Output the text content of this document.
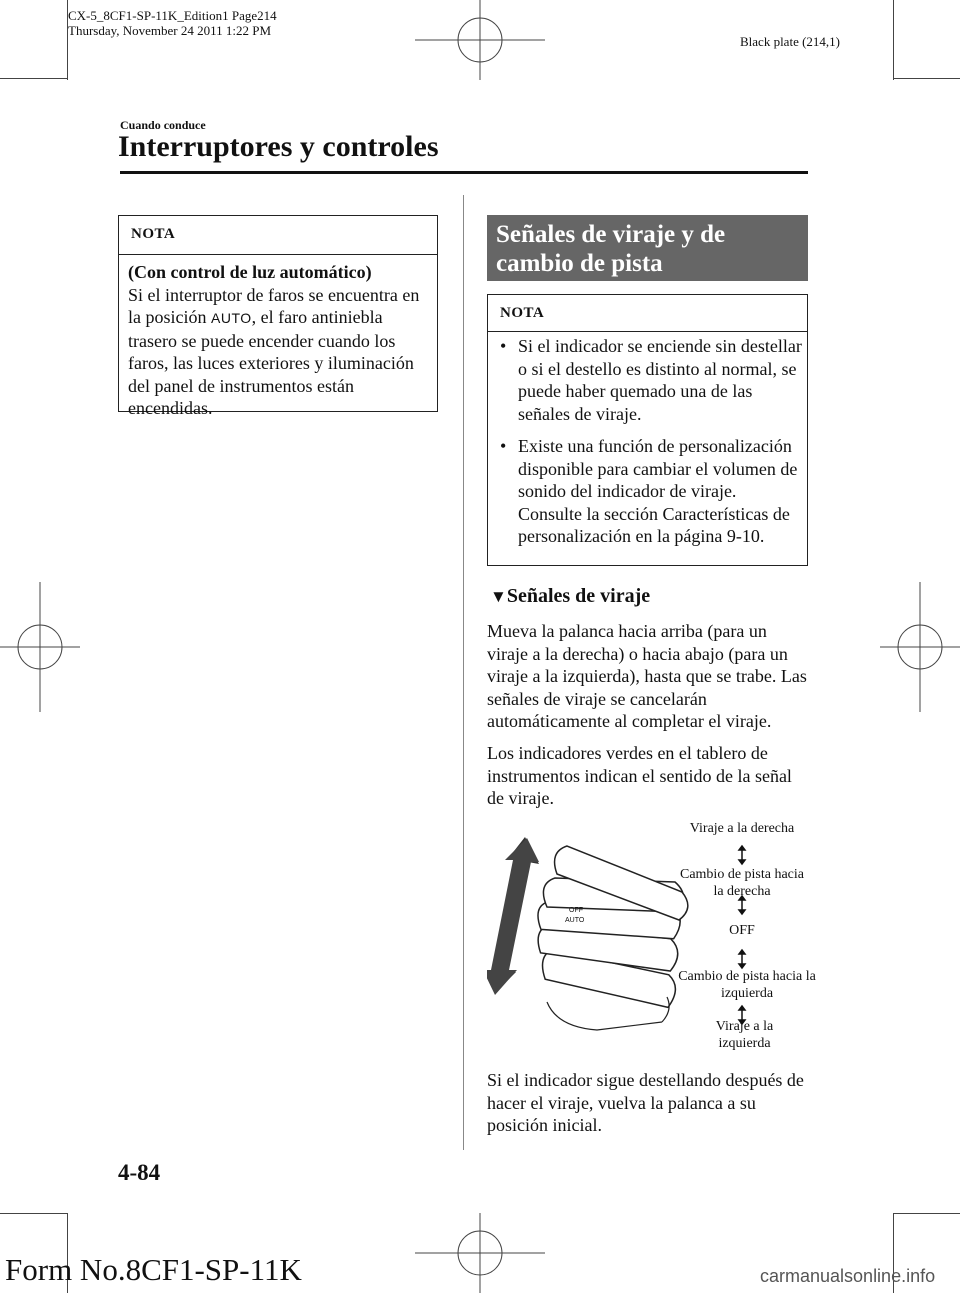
CX-5_8CF1-SP-11K_Edition1 Page214
Thursday, November 24 2011 1:22 PM
Black plate (214,1)
Cuando conduce
Interruptores y controles
NOTA
(Con control de luz automático)
Si el interruptor de faros se encuentra en la posición AUTO, el faro antiniebla trasero se puede encender cuando los faros, las luces exteriores y iluminación del panel de instrumentos están encendidas.
Señales de viraje y de cambio de pista
NOTA
• Si el indicador se enciende sin destellar o si el destello es distinto al normal, se puede haber quemado una de las señales de viraje.
• Existe una función de personalización disponible para cambiar el volumen de sonido del indicador de viraje.
Consulte la sección Características de personalización en la página 9-10.
▼Señales de viraje
Mueva la palanca hacia arriba (para un viraje a la derecha) o hacia abajo (para un viraje a la izquierda), hasta que se trabe. Las señales de viraje se cancelarán automáticamente al completar el viraje.
Los indicadores verdes en el tablero de instrumentos indican el sentido de la señal de viraje.
AUTO
OFF
Viraje a la derecha
Cambio de pista hacia la derecha
OFF
Cambio de pista hacia la izquierda
Viraje a la izquierda
Si el indicador sigue destellando después de hacer el viraje, vuelva la palanca a su posición inicial.
4-84
Form No.8CF1-SP-11K	carmanualsonline.info
